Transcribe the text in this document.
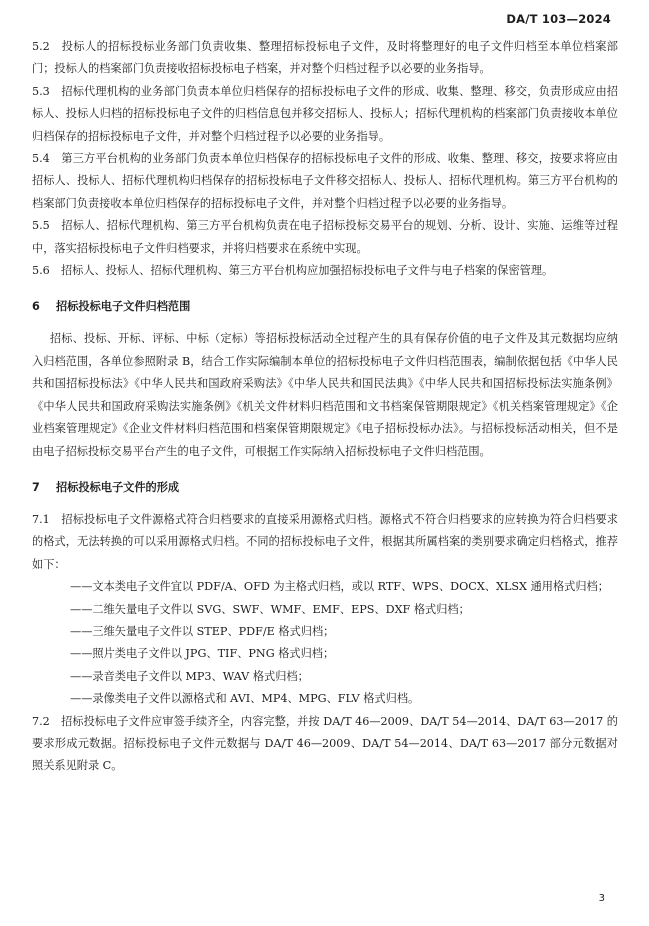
DA/T 103—2024

5.2　投标人的招标投标业务部门负责收集、整理招标投标电子文件，及时将整理好的电子文件归档至本单位档案部门；投标人的档案部门负责接收招标投标电子档案，并对整个归档过程予以必要的业务指导。

5.3　招标代理机构的业务部门负责本单位归档保存的招标投标电子文件的形成、收集、整理、移交，负责形成应由招标人、投标人归档的招标投标电子文件的归档信息包并移交招标人、投标人；招标代理机构的档案部门负责接收本单位归档保存的招标投标电子文件，并对整个归档过程予以必要的业务指导。

5.4　第三方平台机构的业务部门负责本单位归档保存的招标投标电子文件的形成、收集、整理、移交，按要求将应由招标人、投标人、招标代理机构归档保存的招标投标电子文件移交招标人、投标人、招标代理机构。第三方平台机构的档案部门负责接收本单位归档保存的招标投标电子文件，并对整个归档过程予以必要的业务指导。

5.5　招标人、招标代理机构、第三方平台机构负责在电子招标投标交易平台的规划、分析、设计、实施、运维等过程中，落实招标投标电子文件归档要求，并将归档要求在系统中实现。

5.6　招标人、投标人、招标代理机构、第三方平台机构应加强招标投标电子文件与电子档案的保密管理。

6 招标投标电子文件归档范围

招标、投标、开标、评标、中标（定标）等招标投标活动全过程产生的具有保存价值的电子文件及其元数据均应纳入归档范围，各单位参照附录 B，结合工作实际编制本单位的招标投标电子文件归档范围表，编制依据包括《中华人民共和国招标投标法》《中华人民共和国政府采购法》《中华人民共和国民法典》《中华人民共和国招标投标法实施条例》《中华人民共和国政府采购法实施条例》《机关文件材料归档范围和文书档案保管期限规定》《机关档案管理规定》《企业档案管理规定》《企业文件材料归档范围和档案保管期限规定》《电子招标投标办法》。与招标投标活动相关，但不是由电子招标投标交易平台产生的电子文件，可根据工作实际纳入招标投标电子文件归档范围。

7 招标投标电子文件的形成

7.1　招标投标电子文件源格式符合归档要求的直接采用源格式归档。源格式不符合归档要求的应转换为符合归档要求的格式，无法转换的可以采用源格式归档。不同的招标投标电子文件，根据其所属档案的类别要求确定归档格式，推荐如下：

——文本类电子文件宜以 PDF/A、OFD 为主格式归档，或以 RTF、WPS、DOCX、XLSX 通用格式归档；

——二维矢量电子文件以 SVG、SWF、WMF、EMF、EPS、DXF 格式归档；

——三维矢量电子文件以 STEP、PDF/E 格式归档；

——照片类电子文件以 JPG、TIF、PNG 格式归档；

——录音类电子文件以 MP3、WAV 格式归档；

——录像类电子文件以源格式和 AVI、MP4、MPG、FLV 格式归档。

7.2　招标投标电子文件应审签手续齐全，内容完整，并按 DA/T 46—2009、DA/T 54—2014、DA/T 63—2017 的要求形成元数据。招标投标电子文件元数据与 DA/T 46—2009、DA/T 54—2014、DA/T 63—2017 部分元数据对照关系见附录 C。

3
